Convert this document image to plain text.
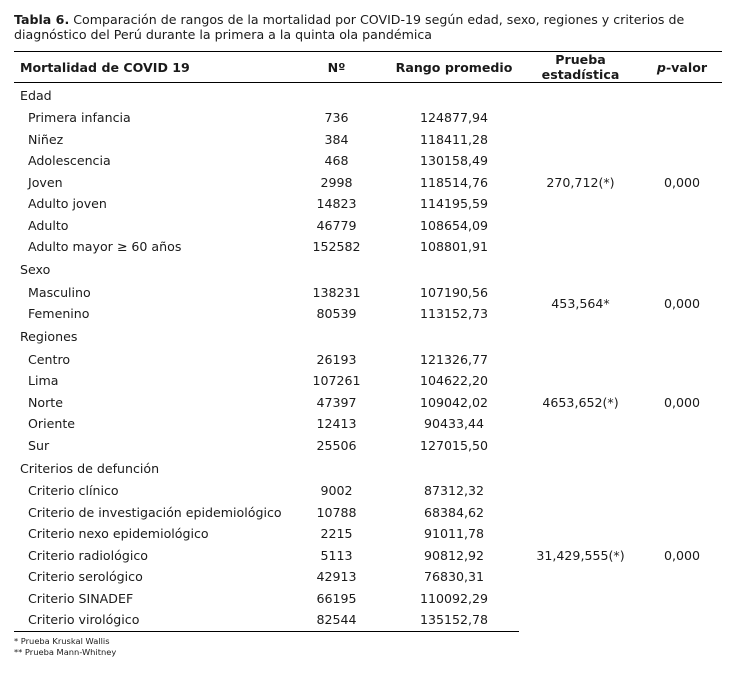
Tabla 6. Comparación de rangos de la mortalidad por COVID-19 según edad, sexo, regiones y criterios de diagnóstico del Perú durante la primera a la quinta ola pandémica
Mortalidad de COVID 19	Nº	Rango promedio	Prueba estadística	p-valor
Edad				
Primera infancia	736	124877,94	270,712(*)	0,000
Niñez	384	118411,28		
Adolescencia	468	130158,49		
Joven	2998	118514,76		
Adulto joven	14823	114195,59		
Adulto	46779	108654,09		
Adulto mayor ≥ 60 años	152582	108801,91		
Sexo				
Masculino	138231	107190,56	453,564*	0,000
Femenino	80539	113152,73		
Regiones				
Centro	26193	121326,77	4653,652(*)	0,000
Lima	107261	104622,20		
Norte	47397	109042,02		
Oriente	12413	90433,44		
Sur	25506	127015,50		
Criterios de defunción				
Criterio clínico	9002	87312,32	31,429,555(*)	0,000
Criterio de investigación epidemiológico	10788	68384,62		
Criterio nexo epidemiológico	2215	91011,78		
Criterio radiológico	5113	90812,92		
Criterio serológico	42913	76830,31		
Criterio SINADEF	66195	110092,29		
Criterio virológico	82544	135152,78		
* Prueba Kruskal Wallis
** Prueba Mann-Whitney
